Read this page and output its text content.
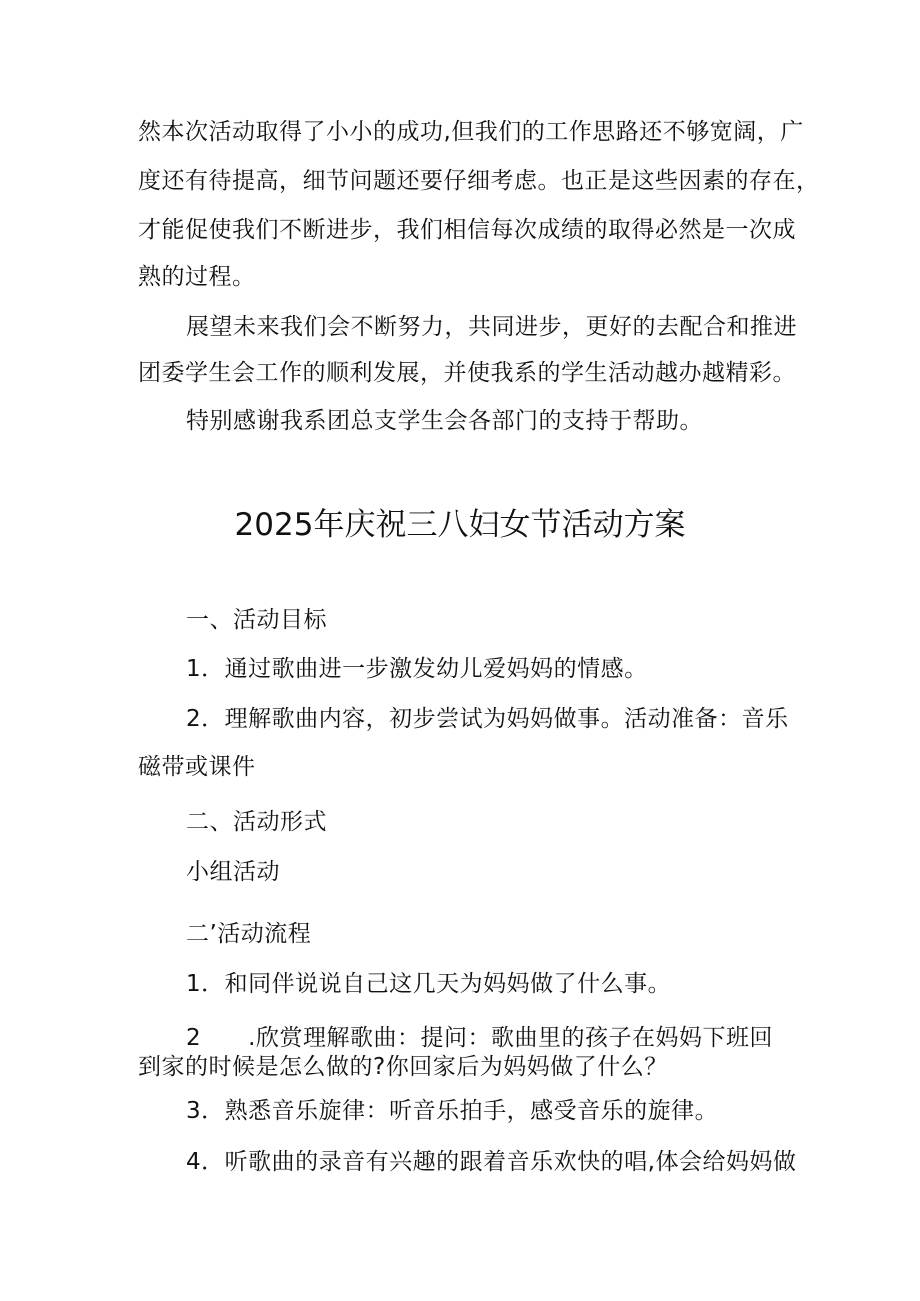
然本次活动取得了小小的成功,但我们的工作思路还不够宽阔，广
度还有待提高，细节问题还要仔细考虑。也正是这些因素的存在，
才能促使我们不断进步，我们相信每次成绩的取得必然是一次成
熟的过程。
展望未来我们会不断努力，共同进步，更好的去配合和推进
团委学生会工作的顺利发展，并使我系的学生活动越办越精彩。
特别感谢我系团总支学生会各部门的支持于帮助。
2025年庆祝三八妇女节活动方案
一、活动目标
1．通过歌曲进一步激发幼儿爱妈妈的情感。
2．理解歌曲内容，初步尝试为妈妈做事。活动准备：音乐
磁带或课件
二、活动形式
小组活动
二’活动流程
1．和同伴说说自己这几天为妈妈做了什么事。
2　　.欣赏理解歌曲：提问：歌曲里的孩子在妈妈下班回
到家的时候是怎么做的?你回家后为妈妈做了什么？
3．熟悉音乐旋律：听音乐拍手，感受音乐的旋律。
4．听歌曲的录音有兴趣的跟着音乐欢快的唱,体会给妈妈做
